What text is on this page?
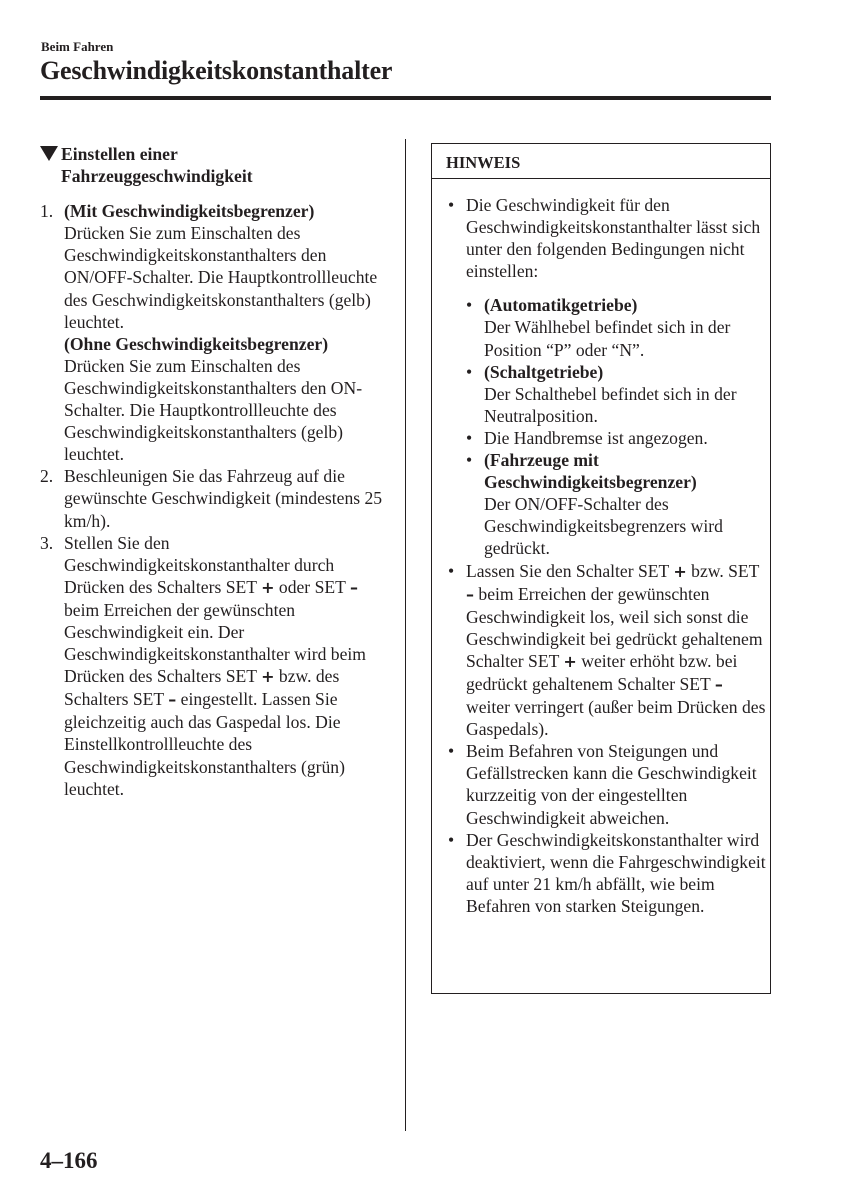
Beim Fahren
Geschwindigkeitskonstanthalter
Einstellen einer
Fahrzeuggeschwindigkeit
1. (Mit Geschwindigkeitsbegrenzer)
Drücken Sie zum Einschalten des Geschwindigkeitskonstanthalters den ON/OFF-Schalter. Die Hauptkontrollleuchte des Geschwindigkeitskonstanthalters (gelb) leuchtet.
(Ohne Geschwindigkeitsbegrenzer)
Drücken Sie zum Einschalten des Geschwindigkeitskonstanthalters den ON-Schalter. Die Hauptkontrollleuchte des Geschwindigkeitskonstanthalters (gelb) leuchtet.
2. Beschleunigen Sie das Fahrzeug auf die gewünschte Geschwindigkeit (mindestens 25 km/h).
3. Stellen Sie den Geschwindigkeitskonstanthalter durch Drücken des Schalters SET + oder SET – beim Erreichen der gewünschten Geschwindigkeit ein. Der Geschwindigkeitskonstanthalter wird beim Drücken des Schalters SET + bzw. des Schalters SET – eingestellt. Lassen Sie gleichzeitig auch das Gaspedal los. Die Einstellkontrollleuchte des Geschwindigkeitskonstanthalters (grün) leuchtet.
HINWEIS
• Die Geschwindigkeit für den Geschwindigkeitskonstanthalter lässt sich unter den folgenden Bedingungen nicht einstellen:
• (Automatikgetriebe)
Der Wählhebel befindet sich in der Position “P” oder “N”.
• (Schaltgetriebe)
Der Schalthebel befindet sich in der Neutralposition.
• Die Handbremse ist angezogen.
• (Fahrzeuge mit Geschwindigkeitsbegrenzer)
Der ON/OFF-Schalter des Geschwindigkeitsbegrenzers wird gedrückt.
• Lassen Sie den Schalter SET + bzw. SET – beim Erreichen der gewünschten Geschwindigkeit los, weil sich sonst die Geschwindigkeit bei gedrückt gehaltenem Schalter SET + weiter erhöht bzw. bei gedrückt gehaltenem Schalter SET – weiter verringert (außer beim Drücken des Gaspedals).
• Beim Befahren von Steigungen und Gefällstrecken kann die Geschwindigkeit kurzzeitig von der eingestellten Geschwindigkeit abweichen.
• Der Geschwindigkeitskonstanthalter wird deaktiviert, wenn die Fahrgeschwindigkeit auf unter 21 km/h abfällt, wie beim Befahren von starken Steigungen.
4–166
